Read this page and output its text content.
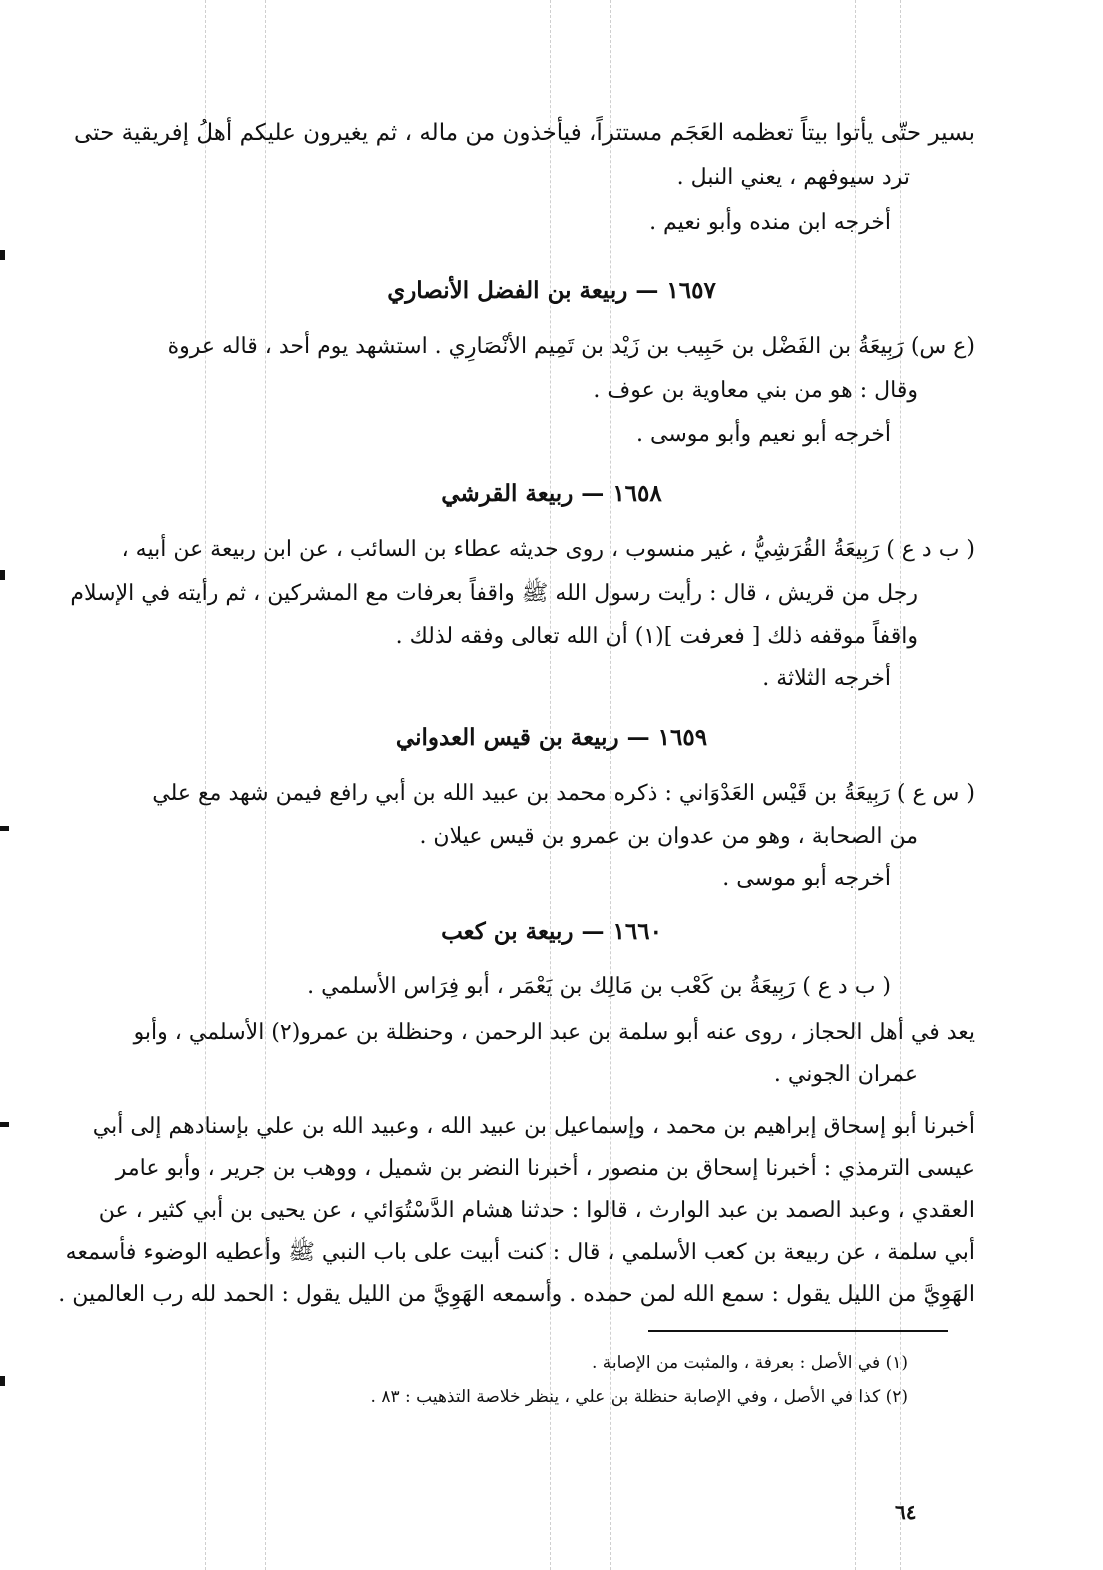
بسير حتّى يأتوا بيتاً تعظمه العَجَم مستتراً، فيأخذون من ماله ، ثم يغيرون عليكم أهلُ إفريقية حتى
ترد سيوفهم ، يعني النبل .
أخرجه ابن منده وأبو نعيم .
١٦٥٧ — ربيعة بن الفضل الأنصاري
(ع س) رَبِيعَةُ بن الفَضْل بن حَبِيب بن زَيْد بن تَمِيم الأنْصَارِي . استشهد يوم أحد ، قاله عروة
وقال : هو من بني معاوية بن عوف .
أخرجه أبو نعيم وأبو موسى .
١٦٥٨ — ربيعة القرشي
( ب د ع ) رَبِيعَةُ القُرَشِيُّ ، غير منسوب ، روى حديثه عطاء بن السائب ، عن ابن ربيعة عن أبيه ،
رجل من قريش ، قال : رأيت رسول الله ﷺ واقفاً بعرفات مع المشركين ، ثم رأيته في الإسلام
واقفاً موقفه ذلك [ فعرفت ](١) أن الله تعالى وفقه لذلك .
أخرجه الثلاثة .
١٦٥٩ — ربيعة بن قيس العدواني
( س ع ) رَبِيعَةُ بن قَيْس العَدْوَاني : ذكره محمد بن عبيد الله بن أبي رافع فيمن شهد مع علي
من الصحابة ، وهو من عدوان بن عمرو بن قيس عيلان .
أخرجه أبو موسى .
١٦٦٠ — ربيعة بن كعب
( ب د ع ) رَبِيعَةُ بن كَعْب بن مَالِك بن يَعْمَر ، أبو فِرَاس الأسلمي .
يعد في أهل الحجاز ، روى عنه أبو سلمة بن عبد الرحمن ، وحنظلة بن عمرو(٢) الأسلمي ، وأبو
عمران الجوني .
أخبرنا أبو إسحاق إبراهيم بن محمد ، وإسماعيل بن عبيد الله ، وعبيد الله بن علي بإسنادهم إلى أبي
عيسى الترمذي : أخبرنا إسحاق بن منصور ، أخبرنا النضر بن شميل ، ووهب بن جرير ، وأبو عامر
العقدي ، وعبد الصمد بن عبد الوارث ، قالوا : حدثنا هشام الدَّسْتُوَائي ، عن يحيى بن أبي كثير ، عن
أبي سلمة ، عن ربيعة بن كعب الأسلمي ، قال : كنت أبيت على باب النبي ﷺ وأعطيه الوضوء فأسمعه
الهَوِيَّ من الليل يقول : سمع الله لمن حمده . وأسمعه الهَوِيَّ من الليل يقول : الحمد لله رب العالمين .
(١) في الأصل : بعرفة ، والمثبت من الإصابة .
(٢) كذا في الأصل ، وفي الإصابة حنظلة بن علي ، ينظر خلاصة التذهيب : ٨٣ .
٦٤
